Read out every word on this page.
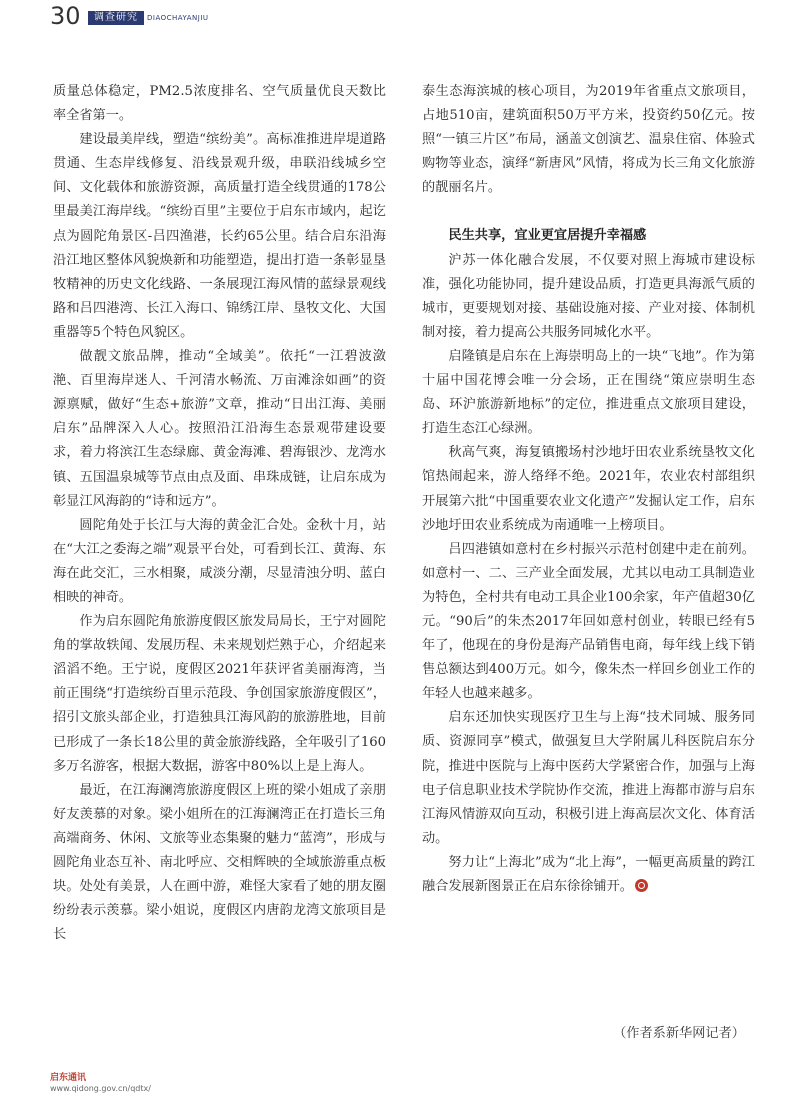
30	调查研究	DIAOCHAYANJIU

质量总体稳定，PM2.5浓度排名、空气质量优良天数比率全省第一。

建设最美岸线，塑造“缤纷美”。高标准推进岸堤道路贯通、生态岸线修复、沿线景观升级，串联沿线城乡空间、文化载体和旅游资源，高质量打造全线贯通的178公里最美江海岸线。“缤纷百里”主要位于启东市域内，起讫点为圆陀角景区-吕四渔港，长约65公里。结合启东沿海沿江地区整体风貌焕新和功能塑造，提出打造一条彰显垦牧精神的历史文化线路、一条展现江海风情的蓝绿景观线路和吕四港湾、长江入海口、锦绣江岸、垦牧文化、大国重器等5个特色风貌区。

做靓文旅品牌，推动“全域美”。依托“一江碧波潋滟、百里海岸迷人、千河清水畅流、万亩滩涂如画”的资源禀赋，做好“生态+旅游”文章，推动“日出江海、美丽启东”品牌深入人心。按照沿江沿海生态景观带建设要求，着力将滨江生态绿廊、黄金海滩、碧海银沙、龙湾水镇、五国温泉城等节点由点及面、串珠成链，让启东成为彰显江风海韵的“诗和远方”。

圆陀角处于长江与大海的黄金汇合处。金秋十月，站在“大江之委海之端”观景平台处，可看到长江、黄海、东海在此交汇，三水相聚，咸淡分潮，尽显清浊分明、蓝白相映的神奇。

作为启东圆陀角旅游度假区旅发局局长，王宁对圆陀角的掌故轶闻、发展历程、未来规划烂熟于心，介绍起来滔滔不绝。王宁说，度假区2021年获评省美丽海湾，当前正围绕“打造缤纷百里示范段、争创国家旅游度假区”，招引文旅头部企业，打造独具江海风韵的旅游胜地，目前已形成了一条长18公里的黄金旅游线路，全年吸引了160多万名游客，根据大数据，游客中80%以上是上海人。

最近，在江海澜湾旅游度假区上班的梁小姐成了亲朋好友羡慕的对象。梁小姐所在的江海澜湾正在打造长三角高端商务、休闲、文旅等业态集聚的魅力“蓝湾”，形成与圆陀角业态互补、南北呼应、交相辉映的全域旅游重点板块。处处有美景，人在画中游，难怪大家看了她的朋友圈纷纷表示羡慕。梁小姐说，度假区内唐韵龙湾文旅项目是长

泰生态海滨城的核心项目，为2019年省重点文旅项目，占地510亩，建筑面积50万平方米，投资约50亿元。按照“一镇三片区”布局，涵盖文创演艺、温泉住宿、体验式购物等业态，演绎“新唐风”风情，将成为长三角文化旅游的靓丽名片。

民生共享，宜业更宜居提升幸福感

沪苏一体化融合发展，不仅要对照上海城市建设标准，强化功能协同，提升建设品质，打造更具海派气质的城市，更要规划对接、基础设施对接、产业对接、体制机制对接，着力提高公共服务同城化水平。

启隆镇是启东在上海崇明岛上的一块“飞地”。作为第十届中国花博会唯一分会场，正在围绕“策应崇明生态岛、环沪旅游新地标”的定位，推进重点文旅项目建设，打造生态江心绿洲。

秋高气爽，海复镇搬场村沙地圩田农业系统垦牧文化馆热闹起来，游人络绎不绝。2021年，农业农村部组织开展第六批“中国重要农业文化遗产”发掘认定工作，启东沙地圩田农业系统成为南通唯一上榜项目。

吕四港镇如意村在乡村振兴示范村创建中走在前列。如意村一、二、三产业全面发展，尤其以电动工具制造业为特色，全村共有电动工具企业100余家，年产值超30亿元。“90后”的朱杰2017年回如意村创业，转眼已经有5年了，他现在的身份是海产品销售电商，每年线上线下销售总额达到400万元。如今，像朱杰一样回乡创业工作的年轻人也越来越多。

启东还加快实现医疗卫生与上海“技术同城、服务同质、资源同享”模式，做强复旦大学附属儿科医院启东分院，推进中医院与上海中医药大学紧密合作，加强与上海电子信息职业技术学院协作交流，推进上海都市游与启东江海风情游双向互动，积极引进上海高层次文化、体育活动。

努力让“上海北”成为“北上海”，一幅更高质量的跨江融合发展新图景正在启东徐徐铺开。

（作者系新华网记者）
启东通讯
www.qidong.gov.cn/qdtx/
